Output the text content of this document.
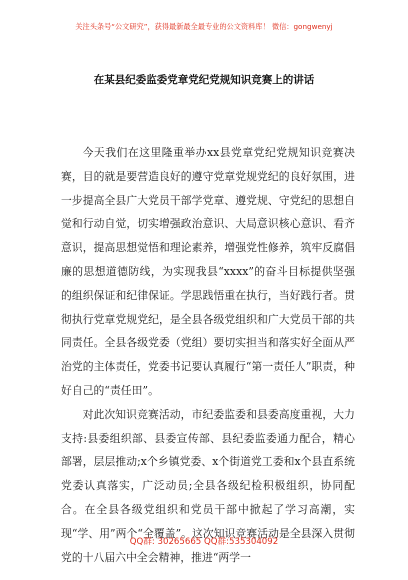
关注头条号“公文研究”，获得最新最全最专业的公文资料库！ 微信：gongwenyj
在某县纪委监委党章党纪党规知识竞赛上的讲话

今天我们在这里隆重举办xx县党章党纪党规知识竞赛决赛，目的就是要营造良好的遵守党章党规党纪的良好氛围，进一步提高全县广大党员干部学党章、遵党规、守党纪的思想自觉和行动自觉，切实增强政治意识、大局意识核心意识、看齐意识，提高思想觉悟和理论素养，增强党性修养，筑牢反腐倡廉的思想道德防线，为实现我县“xxxx”的奋斗目标提供坚强的组织保证和纪律保证。学思践悟重在执行，当好践行者。贯彻执行党章党规党纪，是全县各级党组织和广大党员干部的共同责任。全县各级党委（党组）要切实担当和落实好全面从严治党的主体责任，党委书记要认真履行“第一责任人”职责，种好自己的“责任田”。

对此次知识竞赛活动，市纪委监委和县委高度重视，大力支持:县委组织部、县委宣传部、县纪委监委通力配合，精心部署，层层推动;x个乡镇党委、x个街道党工委和x个县直系统党委认真落实，广泛动员;全县各级纪检积极组织，协同配合。在全县各级党组织和党员干部中掀起了学习高潮，实现“学、用”两个“全覆盖”。这次知识竞赛活动是全县深入贯彻党的十八届六中全会精神，推进“两学一

QQ群: 30265665 QQ群:535304092
